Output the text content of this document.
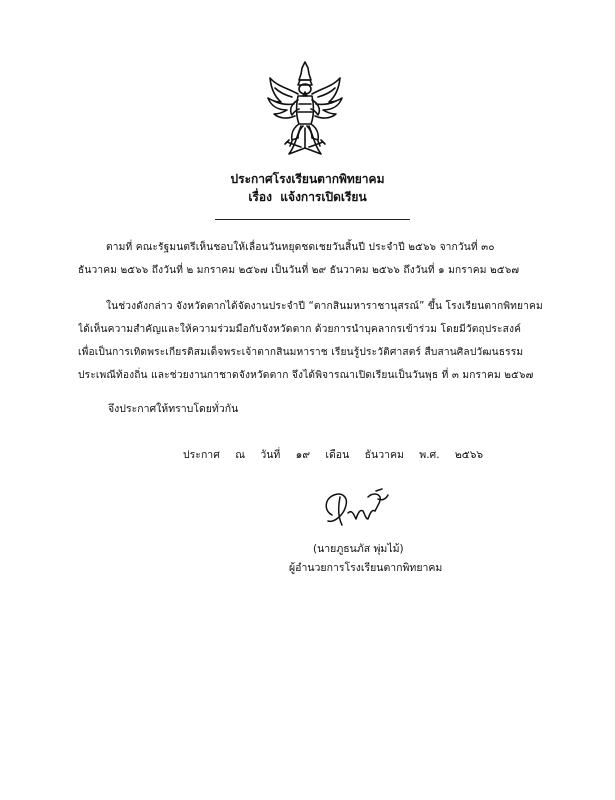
ประกาศโรงเรียนตากพิทยาคม
เรื่อง แจ้งการเปิดเรียน
ตามที่ คณะรัฐมนตรีเห็นชอบให้เลื่อนวันหยุดชดเชยวันสิ้นปี ประจำปี ๒๕๖๖ จากวันที่ ๓๐
ธันวาคม ๒๕๖๖ ถึงวันที่ ๒ มกราคม ๒๕๖๗ เป็นวันที่ ๒๙ ธันวาคม ๒๕๖๖ ถึงวันที่ ๑ มกราคม ๒๕๖๗
ในช่วงดังกล่าว จังหวัดตากได้จัดงานประจำปี “ตากสินมหาราชานุสรณ์” ขึ้น โรงเรียนตากพิทยาคม
ได้เห็นความสำคัญและให้ความร่วมมือกับจังหวัดตาก ด้วยการนำบุคลากรเข้าร่วม โดยมีวัตถุประสงค์
เพื่อเป็นการเทิดพระเกียรติสมเด็จพระเจ้าตากสินมหาราช เรียนรู้ประวัติศาสตร์ สืบสานศิลปวัฒนธรรม
ประเพณีท้องถิ่น และช่วยงานกาชาดจังหวัดตาก จึงได้พิจารณาเปิดเรียนเป็นวันพุธ ที่ ๓ มกราคม ๒๕๖๗
จึงประกาศให้ทราบโดยทั่วกัน
ประกาศ ณ วันที่ ๑๙ เดือน ธันวาคม พ.ศ. ๒๕๖๖
(นายภูธนภัส พุ่มไม้)
ผู้อำนวยการโรงเรียนตากพิทยาคม
